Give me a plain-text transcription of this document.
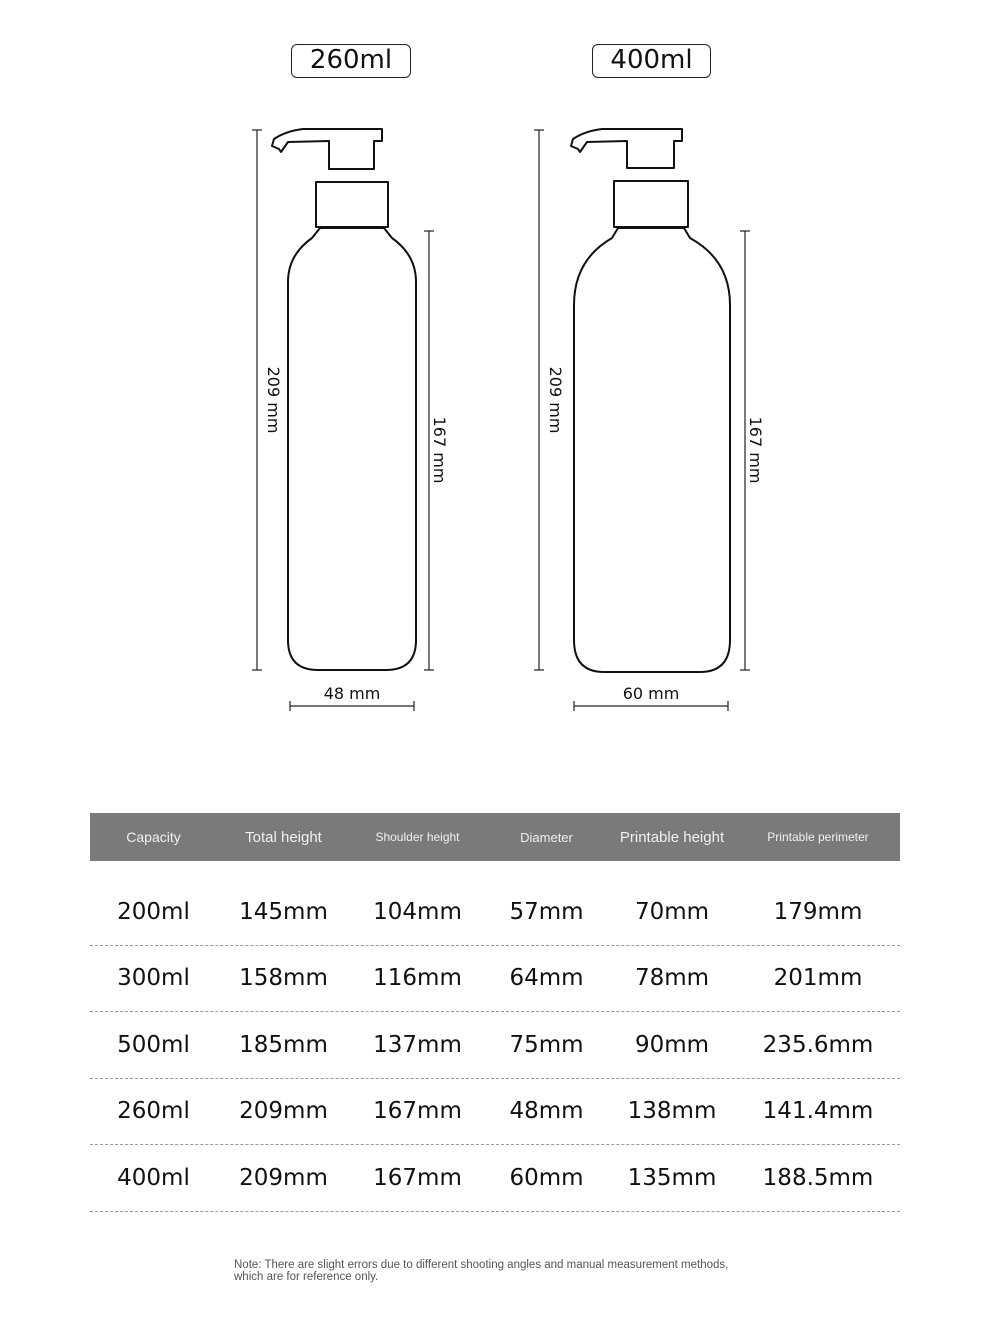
260ml	400ml
209 mm
167 mm
48 mm
209 mm
167 mm
60 mm
Capacity	Total height	Shoulder height	Diameter	Printable height	Printable perimeter
200ml	145mm	104mm	57mm	70mm	179mm
300ml	158mm	116mm	64mm	78mm	201mm
500ml	185mm	137mm	75mm	90mm	235.6mm
260ml	209mm	167mm	48mm	138mm	141.4mm
400ml	209mm	167mm	60mm	135mm	188.5mm
Note: There are slight errors due to different shooting angles and manual measurement methods,
which are for reference only.
